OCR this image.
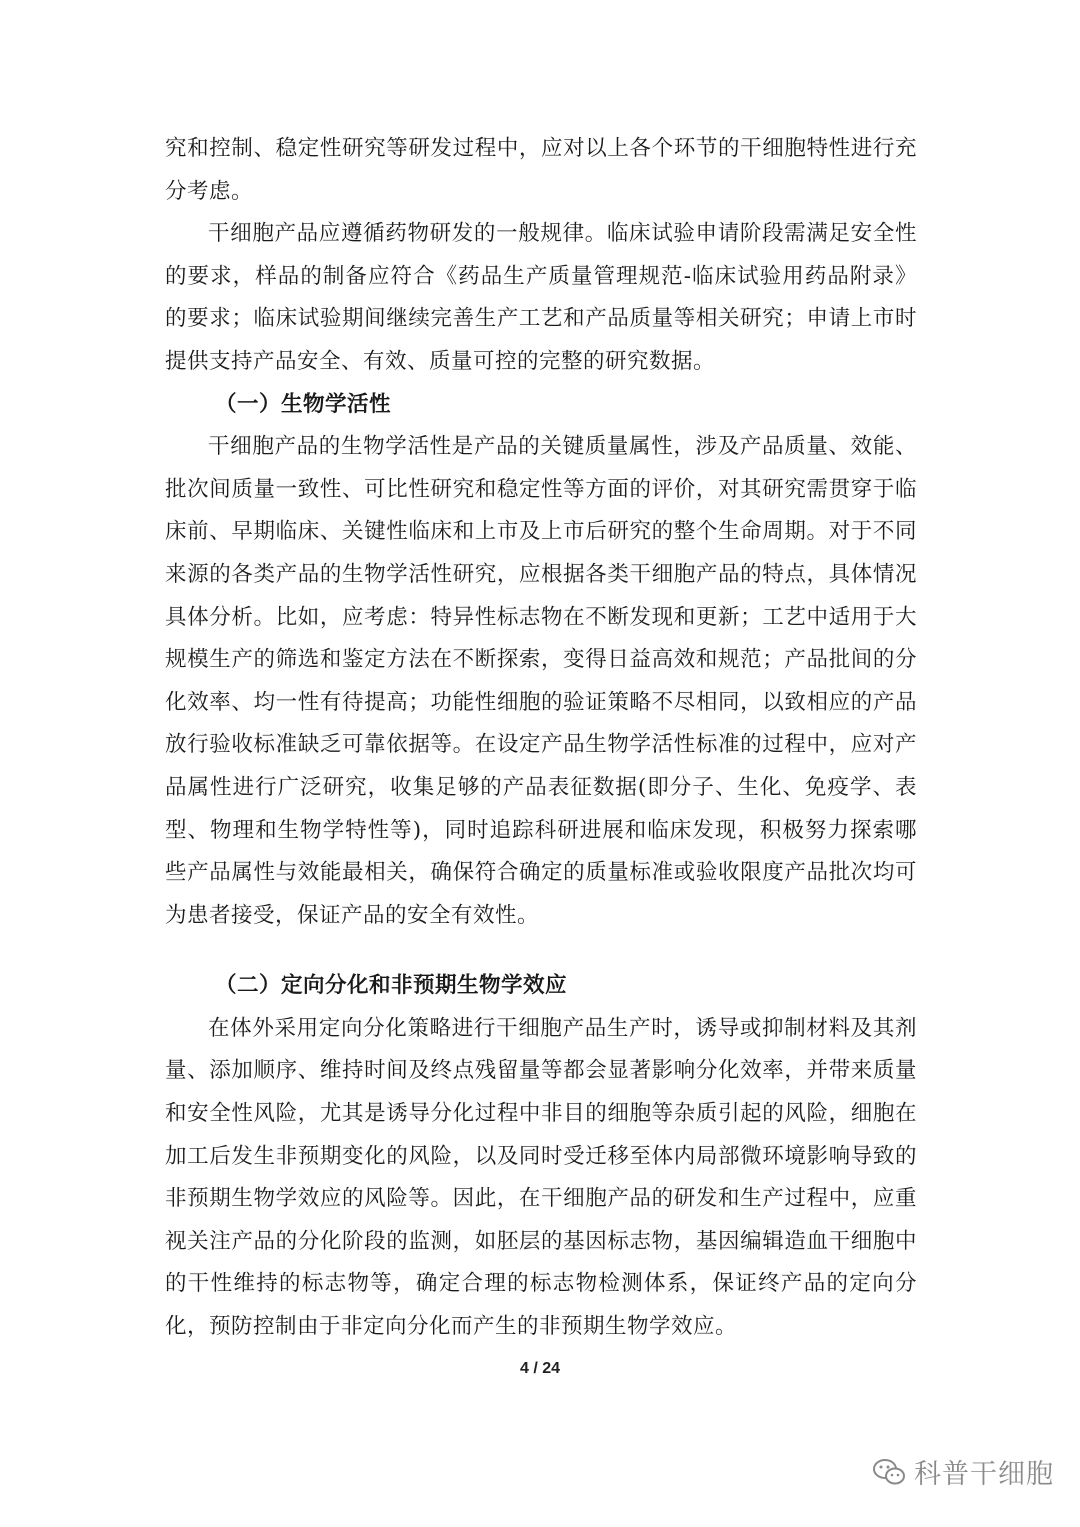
究和控制、稳定性研究等研发过程中，应对以上各个环节的干细胞特性进行充分考虑。

干细胞产品应遵循药物研发的一般规律。临床试验申请阶段需满足安全性的要求，样品的制备应符合《药品生产质量管理规范-临床试验用药品附录》的要求；临床试验期间继续完善生产工艺和产品质量等相关研究；申请上市时提供支持产品安全、有效、质量可控的完整的研究数据。

（一）生物学活性

干细胞产品的生物学活性是产品的关键质量属性，涉及产品质量、效能、批次间质量一致性、可比性研究和稳定性等方面的评价，对其研究需贯穿于临床前、早期临床、关键性临床和上市及上市后研究的整个生命周期。对于不同来源的各类产品的生物学活性研究，应根据各类干细胞产品的特点，具体情况具体分析。比如，应考虑：特异性标志物在不断发现和更新；工艺中适用于大规模生产的筛选和鉴定方法在不断探索，变得日益高效和规范；产品批间的分化效率、均一性有待提高；功能性细胞的验证策略不尽相同，以致相应的产品放行验收标准缺乏可靠依据等。在设定产品生物学活性标准的过程中，应对产品属性进行广泛研究，收集足够的产品表征数据(即分子、生化、免疫学、表型、物理和生物学特性等)，同时追踪科研进展和临床发现，积极努力探索哪些产品属性与效能最相关，确保符合确定的质量标准或验收限度产品批次均可为患者接受，保证产品的安全有效性。

（二）定向分化和非预期生物学效应

在体外采用定向分化策略进行干细胞产品生产时，诱导或抑制材料及其剂量、添加顺序、维持时间及终点残留量等都会显著影响分化效率，并带来质量和安全性风险，尤其是诱导分化过程中非目的细胞等杂质引起的风险，细胞在加工后发生非预期变化的风险，以及同时受迁移至体内局部微环境影响导致的非预期生物学效应的风险等。因此，在干细胞产品的研发和生产过程中，应重视关注产品的分化阶段的监测，如胚层的基因标志物，基因编辑造血干细胞中的干性维持的标志物等，确定合理的标志物检测体系，保证终产品的定向分化，预防控制由于非定向分化而产生的非预期生物学效应。

4 / 24
科普干细胞
